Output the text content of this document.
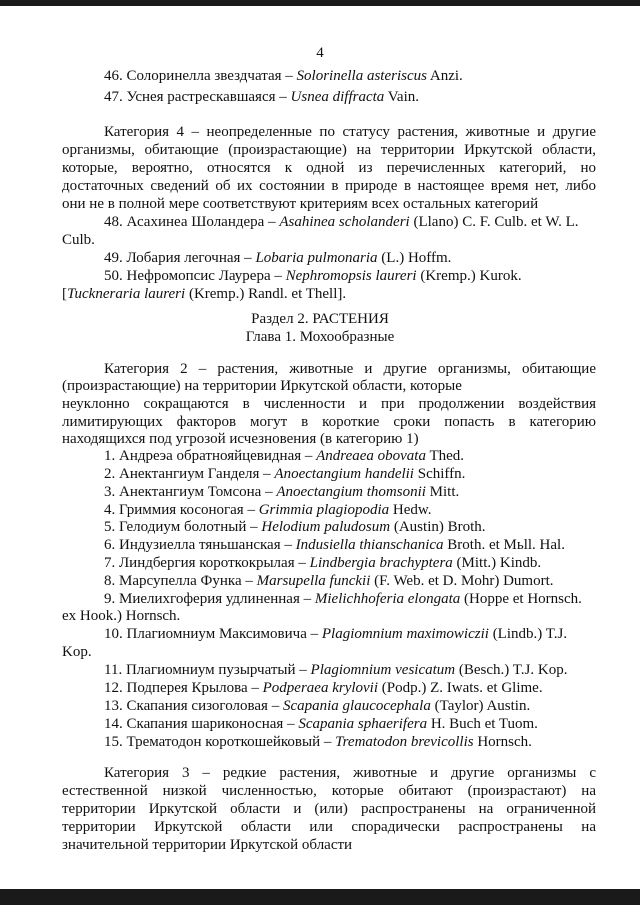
4
46. Солоринелла звездчатая – Solorinella asteriscus Anzi.
47. Уснея растрескавшаяся – Usnea diffracta Vain.
Категория 4 – неопределенные по статусу растения, животные и другие
организмы, обитающие (произрастающие) на территории Иркутской области,
которые, вероятно, относятся к одной из перечисленных категорий, но
достаточных сведений об их состоянии в природе в настоящее время нет, либо
они не в полной мере соответствуют критериям всех остальных категорий
48. Асахинеа Шоландера – Asahinea scholanderi (Llano) C. F. Culb. et W. L.
Culb.
49. Лобария легочная – Lobaria pulmonaria (L.) Hoffm.
50. Нефромопсис Лаурера – Nephromopsis laureri (Kremp.) Kurok.
[Tuckneraria laureri (Kremp.) Randl. et Thell].
Раздел 2. РАСТЕНИЯ
Глава 1. Мохообразные
Категория 2 – растения, животные и другие организмы, обитающие
(произрастающие) на территории Иркутской области, которые
неуклонно сокращаются в численности и при продолжении воздействия
лимитирующих факторов могут в короткие сроки попасть в категорию
находящихся под угрозой исчезновения (в категорию 1)
1. Андреэа обратнояйцевидная – Andreaea obovata Thed.
2. Анектангиум Ганделя – Anoectangium handelii Schiffn.
3. Анектангиум Томсона – Anoectangium thomsonii Mitt.
4. Гриммия косоногая – Grimmia plagiopodia Hedw.
5. Гелодиум болотный – Helodium paludosum (Austin) Broth.
6. Индузиелла тяньшанская – Indusiella thianschanica Broth. et Mьll. Hal.
7. Линдбергия короткокрылая – Lindbergia brachyptera (Mitt.) Kindb.
8. Марсупелла Функа – Marsupella funckii (F. Web. et D. Mohr) Dumort.
9. Миелихгоферия удлиненная – Mielichhoferia elongata (Hoppe et Hornsch.
ex Hook.) Hornsch.
10. Плагиомниум Максимовича – Plagiomnium maximowiczii (Lindb.) T.J.
Kop.
11. Плагиомниум пузырчатый – Plagiomnium vesicatum (Besch.) T.J. Kop.
12. Подперея Крылова – Podperaea krylovii (Podp.) Z. Iwats. et Glime.
13. Скапания сизоголовая – Scapania glaucocephala (Taylor) Austin.
14. Скапания шариконосная – Scapania sphaerifera H. Buch et Tuom.
15. Трематодон короткошейковый – Trematodon brevicollis Hornsch.
Категория 3 – редкие растения, животные и другие организмы с
естественной низкой численностью, которые обитают (произрастают) на
территории Иркутской области и (или) распространены на ограниченной
территории Иркутской области или спорадически распространены на
значительной территории Иркутской области
